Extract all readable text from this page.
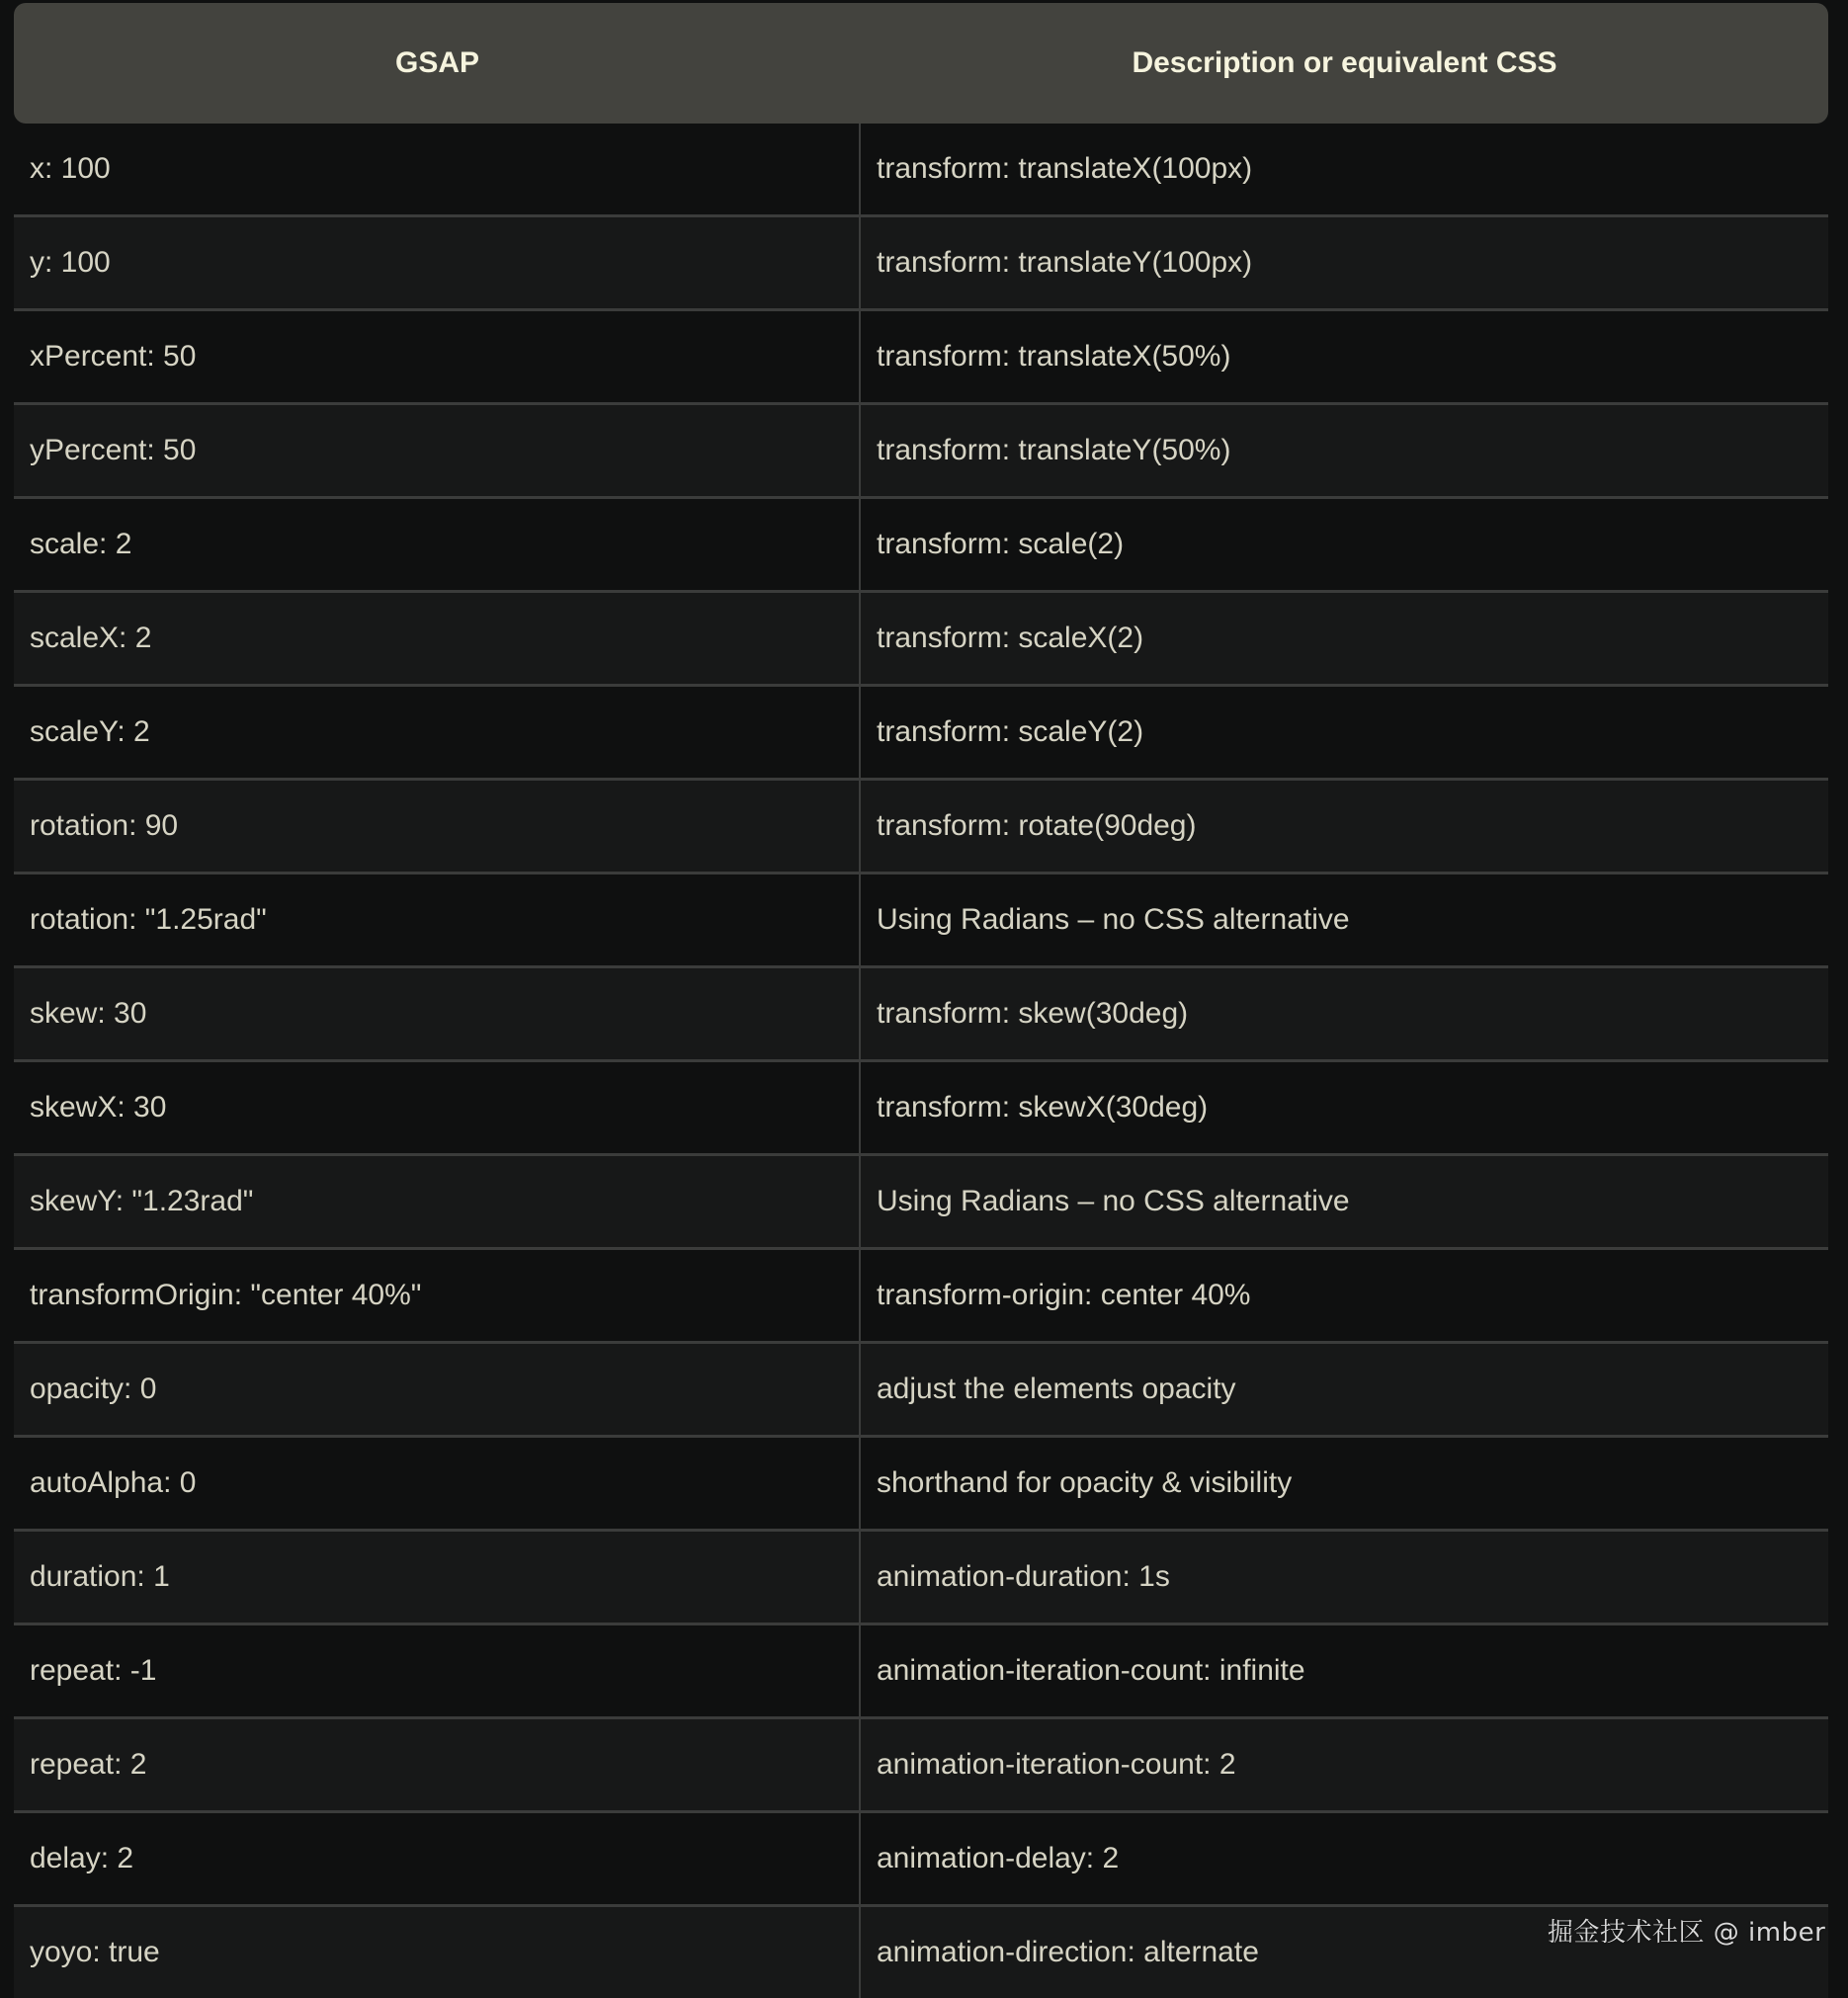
GSAP	Description or equivalent CSS
x: 100	transform: translateX(100px)
y: 100	transform: translateY(100px)
xPercent: 50	transform: translateX(50%)
yPercent: 50	transform: translateY(50%)
scale: 2	transform: scale(2)
scaleX: 2	transform: scaleX(2)
scaleY: 2	transform: scaleY(2)
rotation: 90	transform: rotate(90deg)
rotation: "1.25rad"	Using Radians – no CSS alternative
skew: 30	transform: skew(30deg)
skewX: 30	transform: skewX(30deg)
skewY: "1.23rad"	Using Radians – no CSS alternative
transformOrigin: "center 40%"	transform-origin: center 40%
opacity: 0	adjust the elements opacity
autoAlpha: 0	shorthand for opacity & visibility
duration: 1	animation-duration: 1s
repeat: -1	animation-iteration-count: infinite
repeat: 2	animation-iteration-count: 2
delay: 2	animation-delay: 2
yoyo: true	animation-direction: alternate
掘金技术社区 @ imber
